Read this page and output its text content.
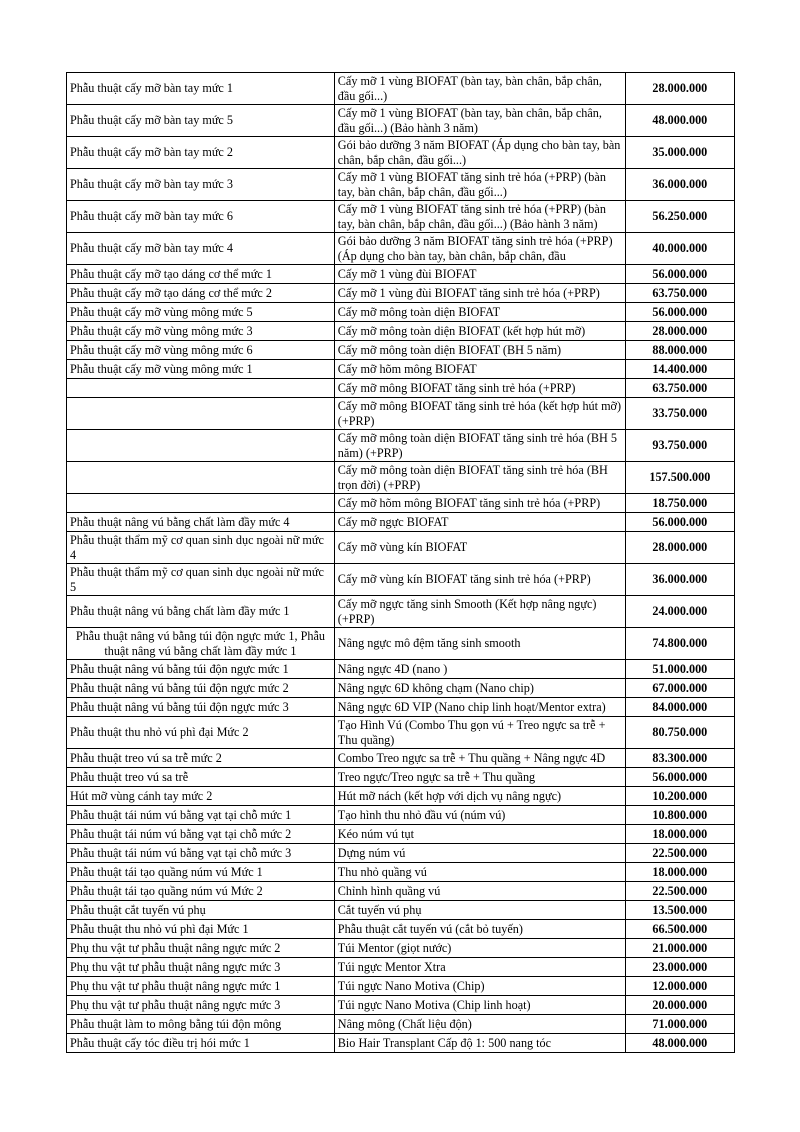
Phẫu thuật cấy mỡ bàn tay mức 1	Cấy mỡ 1 vùng BIOFAT (bàn tay, bàn chân, bắp chân, đầu gối...)	28.000.000
Phẫu thuật cấy mỡ bàn tay mức 5	Cấy mỡ 1 vùng BIOFAT (bàn tay, bàn chân, bắp chân, đầu gối...) (Bảo hành 3 năm)	48.000.000
Phẫu thuật cấy mỡ bàn tay mức 2	Gói bảo dưỡng 3 năm BIOFAT (Áp dụng cho bàn tay, bàn chân, bắp chân, đầu gối...)	35.000.000
Phẫu thuật cấy mỡ bàn tay mức 3	Cấy mỡ 1 vùng BIOFAT tăng sinh trẻ hóa (+PRP) (bàn tay, bàn chân, bắp chân, đầu gối...)	36.000.000
Phẫu thuật cấy mỡ bàn tay mức 6	Cấy mỡ 1 vùng BIOFAT tăng sinh trẻ hóa (+PRP) (bàn tay, bàn chân, bắp chân, đầu gối...) (Bảo hành 3 năm)	56.250.000
Phẫu thuật cấy mỡ bàn tay mức 4	Gói bảo dưỡng 3 năm BIOFAT tăng sinh trẻ hóa (+PRP) (Áp dụng cho bàn tay, bàn chân, bắp chân, đầu	40.000.000
Phẫu thuật cấy mỡ tạo dáng cơ thể mức 1	Cấy mỡ 1 vùng đùi BIOFAT	56.000.000
Phẫu thuật cấy mỡ tạo dáng cơ thể mức 2	Cấy mỡ 1 vùng đùi BIOFAT tăng sinh trẻ hóa (+PRP)	63.750.000
Phẫu thuật cấy mỡ vùng mông mức 5	Cấy mỡ mông toàn diện BIOFAT	56.000.000
Phẫu thuật cấy mỡ vùng mông mức 3	Cấy mỡ mông toàn diện BIOFAT (kết hợp hút mỡ)	28.000.000
Phẫu thuật cấy mỡ vùng mông mức 6	Cấy mỡ mông toàn diện BIOFAT (BH 5 năm)	88.000.000
Phẫu thuật cấy mỡ vùng mông mức 1	Cấy mỡ hõm mông BIOFAT	14.400.000
	Cấy mỡ mông BIOFAT tăng sinh trẻ hóa (+PRP)	63.750.000
	Cấy mỡ mông BIOFAT tăng sinh trẻ hóa (kết hợp hút mỡ) (+PRP)	33.750.000
	Cấy mỡ mông toàn diện BIOFAT tăng sinh trẻ hóa (BH 5 năm) (+PRP)	93.750.000
	Cấy mỡ mông toàn diện BIOFAT tăng sinh trẻ hóa (BH trọn đời) (+PRP)	157.500.000
	Cấy mỡ hõm mông BIOFAT tăng sinh trẻ hóa (+PRP)	18.750.000
Phẫu thuật nâng vú bằng chất làm đầy mức 4	Cấy mỡ ngực BIOFAT	56.000.000
Phẫu thuật thẩm mỹ cơ quan sinh dục ngoài nữ mức 4	Cấy mỡ vùng kín BIOFAT	28.000.000
Phẫu thuật thẩm mỹ cơ quan sinh dục ngoài nữ mức 5	Cấy mỡ vùng kín BIOFAT tăng sinh trẻ hóa (+PRP)	36.000.000
Phẫu thuật nâng vú bằng chất làm đầy mức 1	Cấy mỡ ngực tăng sinh Smooth (Kết hợp nâng ngực) (+PRP)	24.000.000
Phẫu thuật nâng vú bằng túi độn ngực mức 1, Phẫu thuật nâng vú bằng chất làm đầy mức 1	Nâng ngực mô đệm tăng sinh smooth	74.800.000
Phẫu thuật nâng vú bằng túi độn ngực mức 1	Nâng ngực 4D (nano )	51.000.000
Phẫu thuật nâng vú bằng túi độn ngực mức 2	Nâng ngực 6D không chạm (Nano chip)	67.000.000
Phẫu thuật nâng vú bằng túi độn ngực mức 3	Nâng ngực 6D VIP (Nano chip linh hoạt/Mentor extra)	84.000.000
Phẫu thuật thu nhỏ vú phì đại Mức 2	Tạo Hình Vú (Combo Thu gọn vú + Treo ngực sa trễ + Thu quầng)	80.750.000
Phẫu thuật treo vú sa trễ mức 2	Combo Treo ngực sa trễ + Thu quầng + Nâng ngực 4D	83.300.000
Phẫu thuật treo vú sa trễ	Treo ngực/Treo ngực sa trễ + Thu quầng	56.000.000
Hút mỡ vùng cánh tay mức 2	Hút mỡ nách (kết hợp với dịch vụ nâng ngực)	10.200.000
Phẫu thuật tái núm vú bằng vạt tại chỗ mức 1	Tạo hình thu nhỏ đầu vú (núm vú)	10.800.000
Phẫu thuật tái núm vú bằng vạt tại chỗ mức 2	Kéo núm vú tụt	18.000.000
Phẫu thuật tái núm vú bằng vạt tại chỗ mức 3	Dựng núm vú	22.500.000
Phẫu thuật tái tạo quầng núm vú Mức 1	Thu nhỏ quầng vú	18.000.000
Phẫu thuật tái tạo quầng núm vú Mức 2	Chỉnh hình quầng vú	22.500.000
Phẫu thuật cắt tuyến vú phụ	Cắt tuyến vú phụ	13.500.000
Phẫu thuật thu nhỏ vú phì đại Mức 1	Phẫu thuật cắt tuyến vú (cắt bỏ tuyến)	66.500.000
Phụ thu vật tư phẫu thuật nâng ngực mức 2	Túi Mentor (giọt nước)	21.000.000
Phụ thu vật tư phẫu thuật nâng ngực mức 3	Túi ngực Mentor Xtra	23.000.000
Phụ thu vật tư phẫu thuật nâng ngực mức 1	Túi ngực Nano Motiva (Chip)	12.000.000
Phụ thu vật tư phẫu thuật nâng ngực mức 3	Túi ngực Nano Motiva (Chip linh hoạt)	20.000.000
Phẫu thuật làm to mông bằng túi độn mông	Nâng mông (Chất liệu độn)	71.000.000
Phẫu thuật cấy tóc điều trị hói mức 1	Bio Hair Transplant Cấp độ 1: 500 nang tóc	48.000.000
